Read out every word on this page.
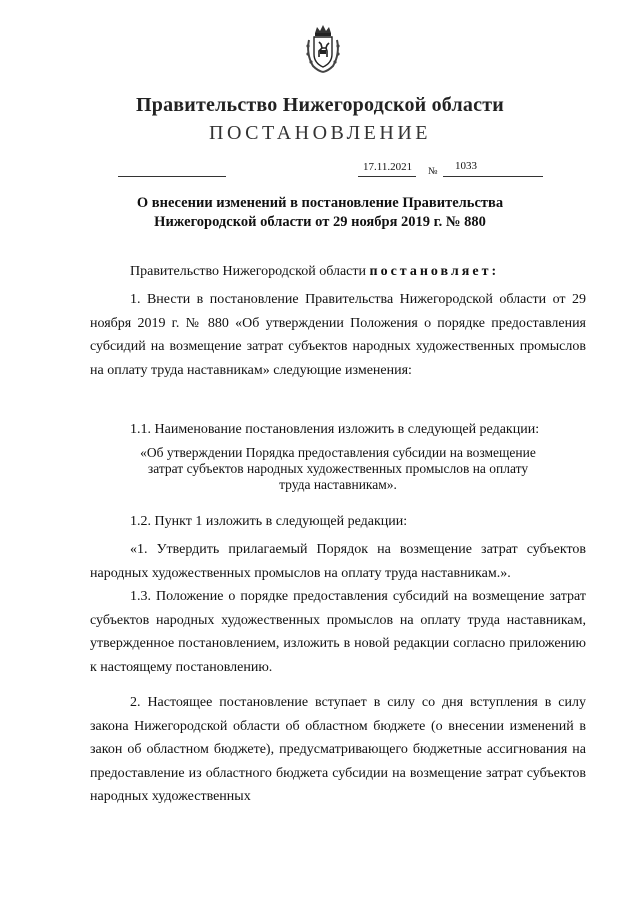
Правительство Нижегородской области
ПОСТАНОВЛЕНИЕ
17.11.2021 № 1033
О внесении изменений в постановление Правительства
Нижегородской области от 29 ноября 2019 г. № 880
Правительство Нижегородской области постановляет:
1. Внести в постановление Правительства Нижегородской области от 29 ноября 2019 г. № 880 «Об утверждении Положения о порядке предоставления субсидий на возмещение затрат субъектов народных художественных промыслов на оплату труда наставникам» следующие изменения:
1.1. Наименование постановления изложить в следующей редакции:
«Об утверждении Порядка предоставления субсидии на возмещение
затрат субъектов народных художественных промыслов на оплату
труда наставникам».
1.2. Пункт 1 изложить в следующей редакции:
«1. Утвердить прилагаемый Порядок на возмещение затрат субъектов народных художественных промыслов на оплату труда наставникам.».
1.3. Положение о порядке предоставления субсидий на возмещение затрат субъектов народных художественных промыслов на оплату труда наставникам, утвержденное постановлением, изложить в новой редакции согласно приложению к настоящему постановлению.
2. Настоящее постановление вступает в силу со дня вступления в силу закона Нижегородской области об областном бюджете (о внесении изменений в закон об областном бюджете), предусматривающего бюджетные ассигнования на предоставление из областного бюджета субсидии на возмещение затрат субъектов народных художественных
